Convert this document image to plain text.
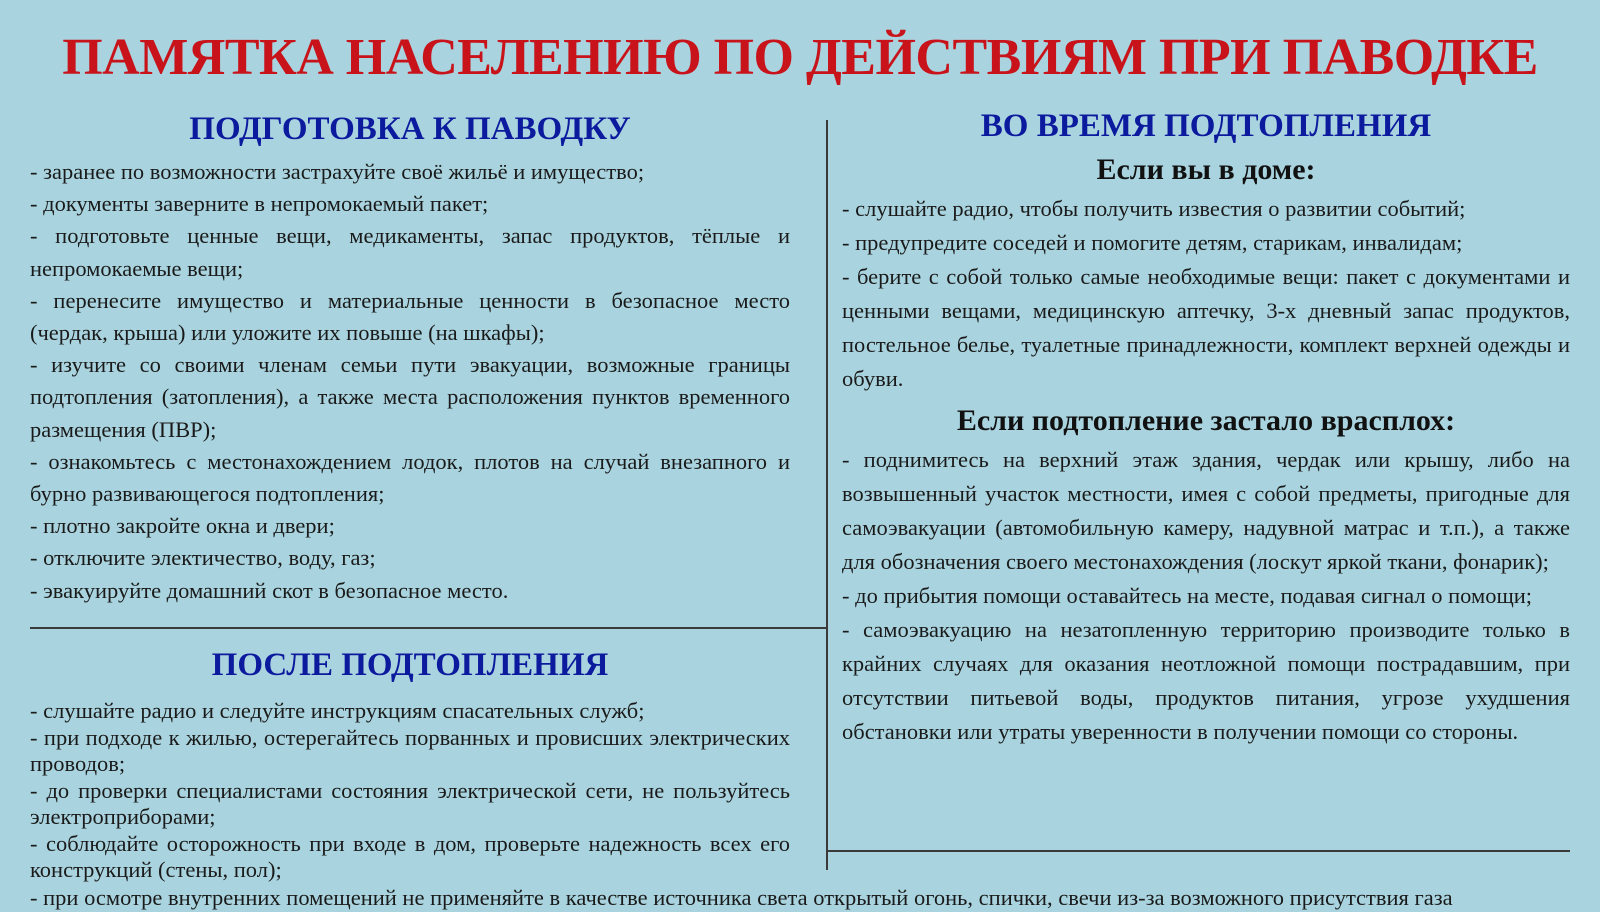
ПАМЯТКА НАСЕЛЕНИЮ ПО ДЕЙСТВИЯМ ПРИ ПАВОДКЕ
ПОДГОТОВКА К ПАВОДКУ
- заранее по возможности застрахуйте своё жильё и имущество;
- документы заверните в непромокаемый пакет;
- подготовьте ценные вещи, медикаменты, запас продуктов, тёплые и непромокаемые вещи;
- перенесите имущество и материальные ценности в безопасное место (чердак, крыша) или уложите их повыше (на шкафы);
- изучите со своими членам семьи пути эвакуации, возможные границы подтопления (затопления), а также места расположения пунктов временного размещения (ПВР);
- ознакомьтесь с местонахождением лодок, плотов на случай внезапного и бурно развивающегося подтопления;
- плотно закройте окна и двери;
- отключите электичество, воду, газ;
- эвакуируйте домашний скот в безопасное место.
ПОСЛЕ ПОДТОПЛЕНИЯ
- слушайте радио и следуйте инструкциям спасательных служб;
- при подходе к жилью, остерегайтесь порванных и провисших электрических проводов;
- до проверки специалистами состояния электрической сети, не пользуйтесь электроприборами;
- соблюдайте осторожность при входе в дом, проверьте надежность всех его конструкций (стены, пол);
ВО ВРЕМЯ ПОДТОПЛЕНИЯ
Если вы в доме:
- слушайте радио, чтобы получить известия о развитии событий;
- предупредите соседей и помогите детям, старикам, инвалидам;
- берите с собой только самые необходимые вещи: пакет с документами и ценными вещами, медицинскую аптечку, 3-х дневный запас продуктов, постельное белье, туалетные принадлежности, комплект верхней одежды и обуви.
Если подтопление застало врасплох:
- поднимитесь на верхний этаж здания, чердак или крышу, либо на возвышенный участок местности, имея с собой предметы, пригодные для самоэвакуации (автомобильную камеру, надувной матрас и т.п.), а также для обозначения своего местонахождения (лоскут яркой ткани, фонарик);
- до прибытия помощи оставайтесь на месте, подавая сигнал о помощи;
- самоэвакуацию на незатопленную территорию производите только в крайних случаях для оказания неотложной помощи пострадавшим, при отсутствии питьевой воды, продуктов питания, угрозе ухудшения обстановки или утраты уверенности в получении помощи со стороны.
- при осмотре внутренних помещений не применяйте в качестве источника света открытый огонь, спички, свечи из-за возможного присутствия газа
